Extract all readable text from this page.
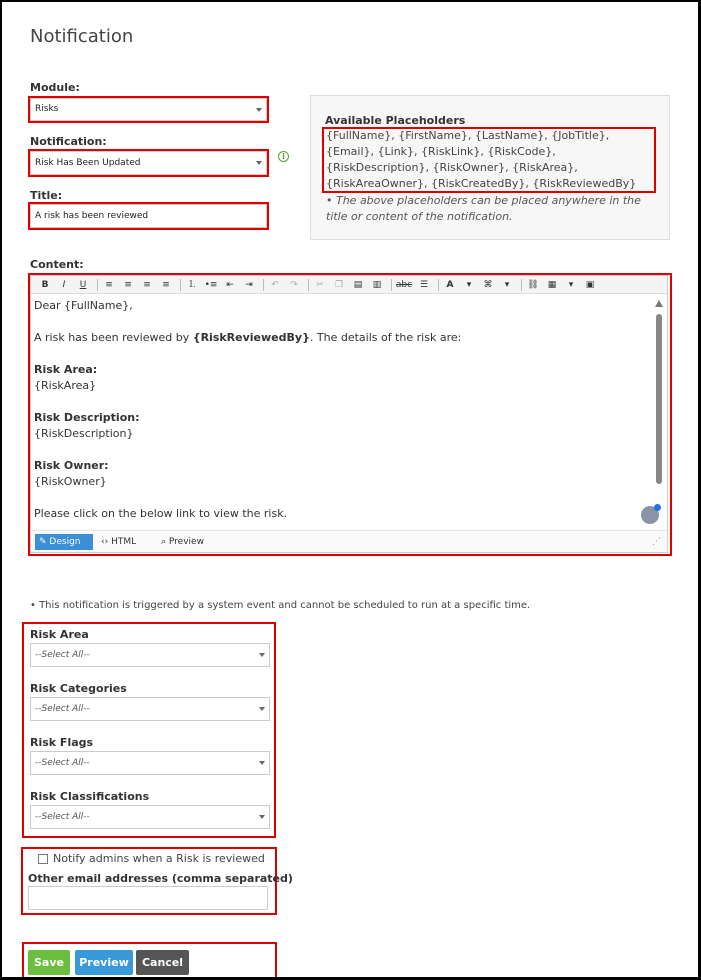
Notification
Module:
Risks
Notification:
Risk Has Been Updated
i
Title:
A risk has been reviewed
Available Placeholders
{FullName}, {FirstName}, {LastName}, {JobTitle}, {Email}, {Link}, {RiskLink}, {RiskCode}, {RiskDescription}, {RiskOwner}, {RiskArea}, {RiskAreaOwner}, {RiskCreatedBy}, {RiskReviewedBy}
• The above placeholders can be placed anywhere in the title or content of the notification.
Content:
B	I	U	≡	≡	≡	≡	⒈ •≡ ⇤	⇥	↶	↷	✂	❐	▤	▥	abc ☰	A	▾	⌘	▾	⛓	▦	▾	▣

Dear {FullName},

A risk has been reviewed by {RiskReviewedBy}. The details of the risk are:

Risk Area:
{RiskArea}

Risk Description:
{RiskDescription}

Risk Owner:
{RiskOwner}

Please click on the below link to view the risk.

✎ Design	‹› HTML	⌕ Preview	⋰
• This notification is triggered by a system event and cannot be scheduled to run at a specific time.
Risk Area
--Select All--
Risk Categories
--Select All--
Risk Flags
--Select All--
Risk Classifications
--Select All--
Notify admins when a Risk is reviewed
Other email addresses (comma separated)
Save	Preview	Cancel
